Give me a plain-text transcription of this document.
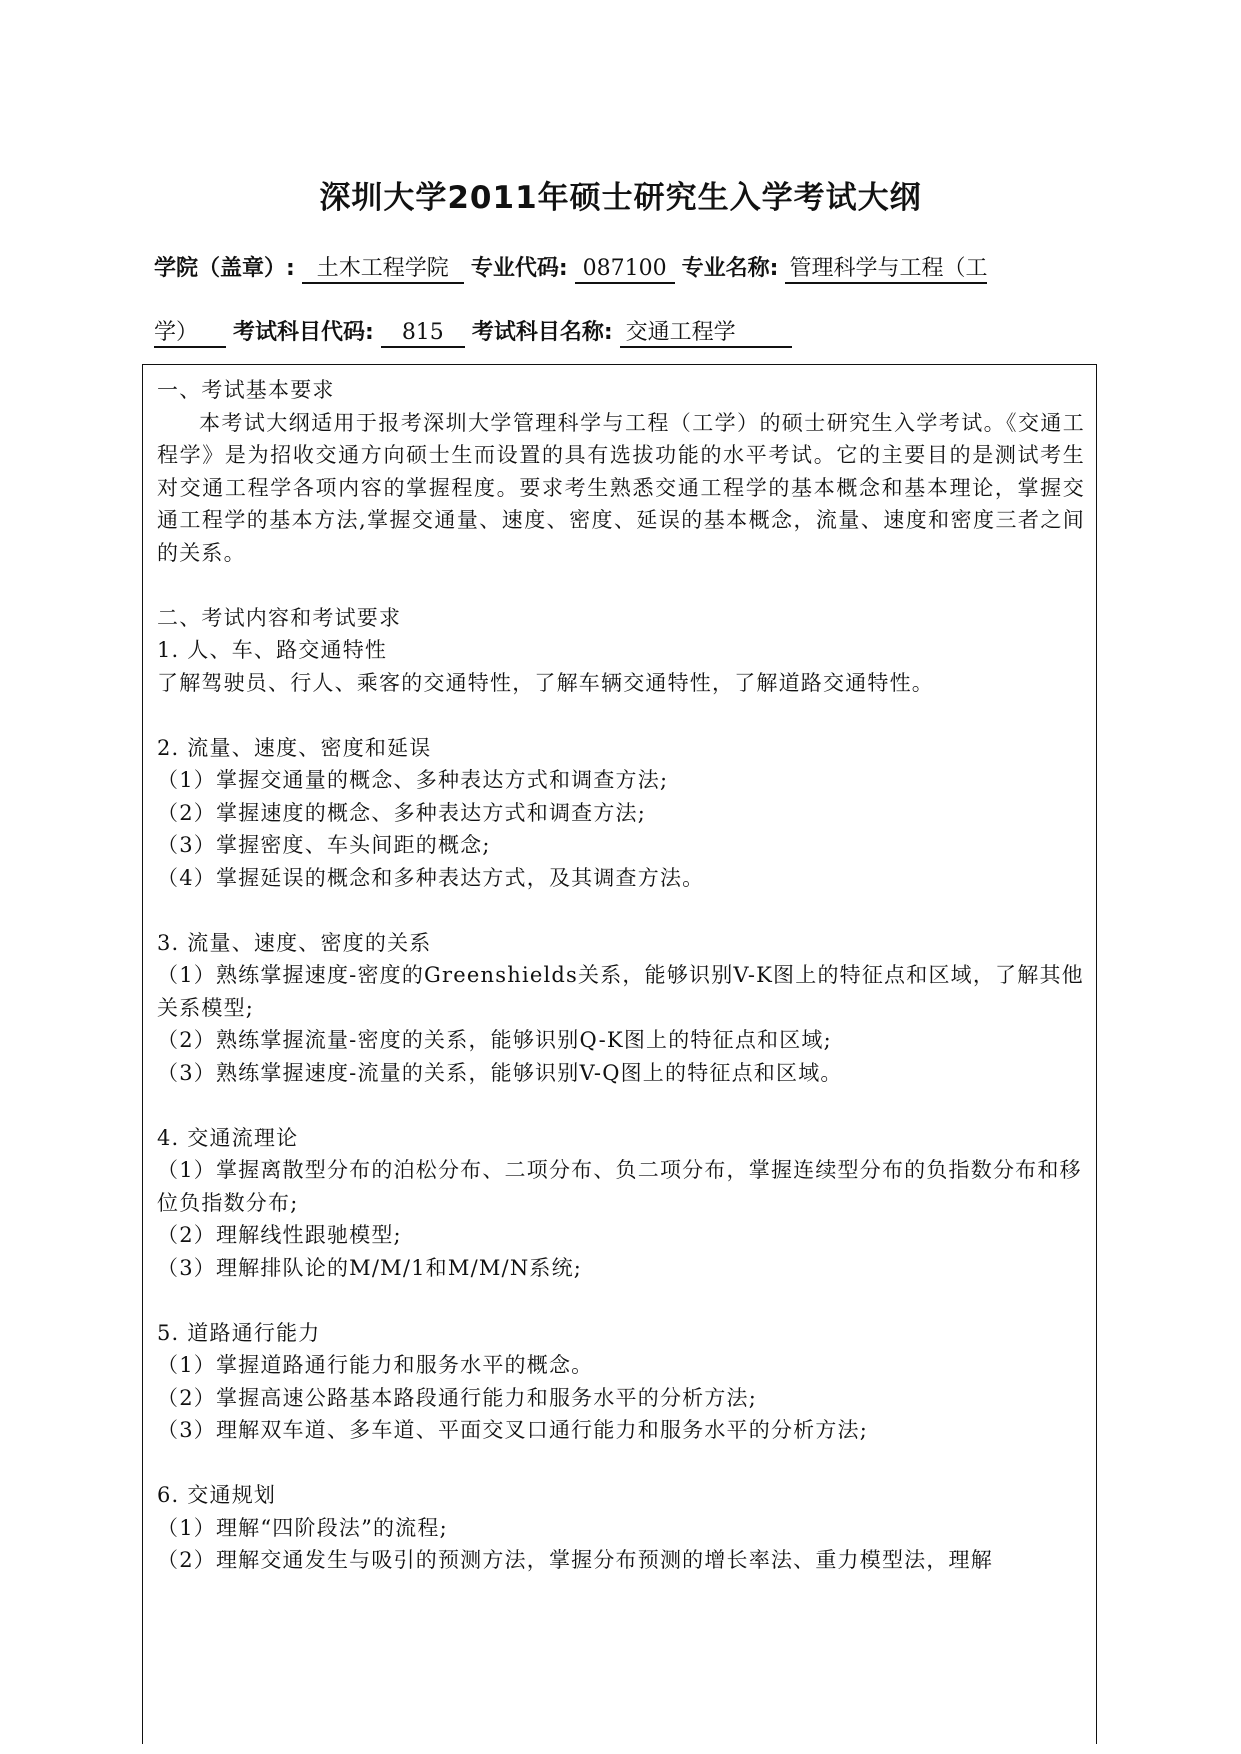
深圳大学2011年硕士研究生入学考试大纲
学院（盖章）: 土木工程学院 专业代码: 087100 专业名称: 管理科学与工程（工
学） 考试科目代码: 815 考试科目名称: 交通工程学

一、考试基本要求

本考试大纲适用于报考深圳大学管理科学与工程（工学）的硕士研究生入学考试。《交通工程学》是为招收交通方向硕士生而设置的具有选拔功能的水平考试。它的主要目的是测试考生对交通工程学各项内容的掌握程度。要求考生熟悉交通工程学的基本概念和基本理论，掌握交通工程学的基本方法,掌握交通量、速度、密度、延误的基本概念，流量、速度和密度三者之间的关系。

二、考试内容和考试要求

1. 人、车、路交通特性

了解驾驶员、行人、乘客的交通特性，了解车辆交通特性，了解道路交通特性。

2. 流量、速度、密度和延误

（1）掌握交通量的概念、多种表达方式和调查方法;

（2）掌握速度的概念、多种表达方式和调查方法;

（3）掌握密度、车头间距的概念;

（4）掌握延误的概念和多种表达方式，及其调查方法。

3. 流量、速度、密度的关系

（1）熟练掌握速度-密度的Greenshields关系，能够识别V-K图上的特征点和区域，了解其他关系模型;

（2）熟练掌握流量-密度的关系，能够识别Q-K图上的特征点和区域;

（3）熟练掌握速度-流量的关系，能够识别V-Q图上的特征点和区域。

4. 交通流理论

（1）掌握离散型分布的泊松分布、二项分布、负二项分布，掌握连续型分布的负指数分布和移位负指数分布;

（2）理解线性跟驰模型;

（3）理解排队论的M/M/1和M/M/N系统;

5. 道路通行能力

（1）掌握道路通行能力和服务水平的概念。

（2）掌握高速公路基本路段通行能力和服务水平的分析方法;

（3）理解双车道、多车道、平面交叉口通行能力和服务水平的分析方法;

6. 交通规划

（1）理解“四阶段法”的流程;

（2）理解交通发生与吸引的预测方法，掌握分布预测的增长率法、重力模型法，理解
